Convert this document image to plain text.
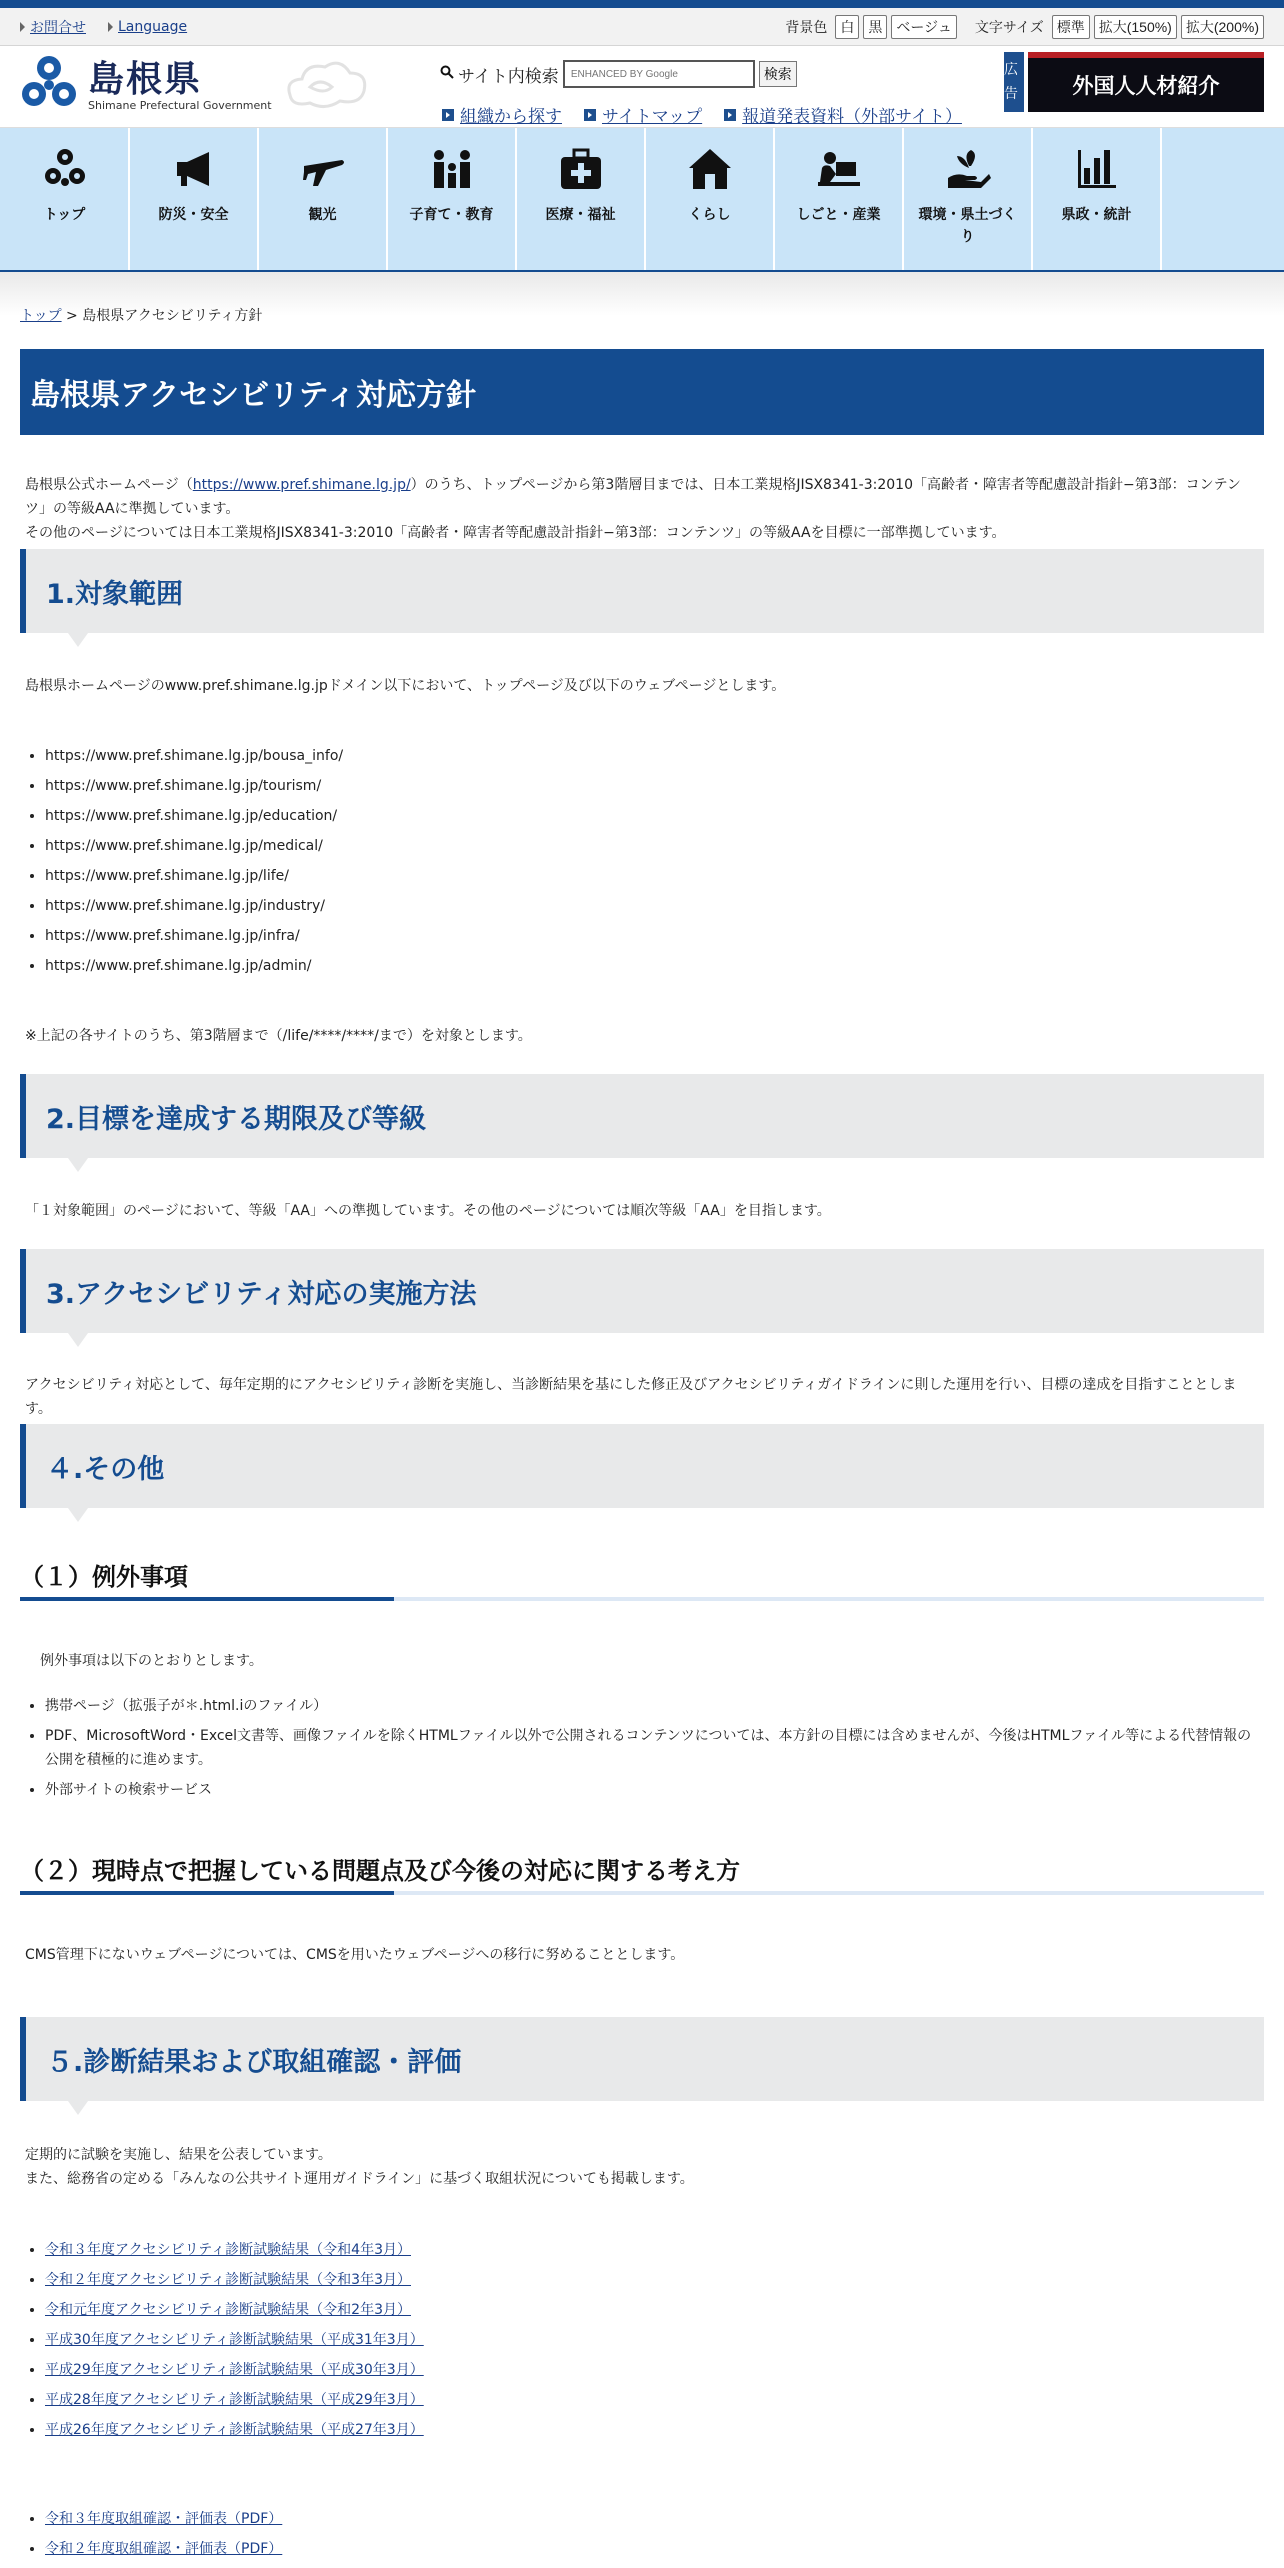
お問合せ Language	背景色 白	黒	ベージュ	文字サイズ 標準	拡大(150%)	拡大(200%)
島根県
Shimane Prefectural Government
サイト内検索
ENHANCED BY Google	検索
組織から探す サイトマップ 報道発表資料（外部サイト）
広告	外国人人材紹介
トップ	防災・安全	観光	子育て・教育	医療・福祉	くらし	しごと・産業	環境・県土づくり
県政・統計
トップ > 島根県アクセシビリティ方針
島根県アクセシビリティ対応方針
島根県公式ホームページ（https://www.pref.shimane.lg.jp/）のうち、トップページから第3階層目までは、日本工業規格JISX8341-3:2010「高齢者・障害者等配慮設計指針−第3部：コンテンツ」の等級AAに準拠しています。
その他のページについては日本工業規格JISX8341-3:2010「高齢者・障害者等配慮設計指針−第3部：コンテンツ」の等級AAを目標に一部準拠しています。
1.対象範囲
島根県ホームページのwww.pref.shimane.lg.jpドメイン以下において、トップページ及び以下のウェブページとします。
• https://www.pref.shimane.lg.jp/bousa_info/
• https://www.pref.shimane.lg.jp/tourism/
• https://www.pref.shimane.lg.jp/education/
• https://www.pref.shimane.lg.jp/medical/
• https://www.pref.shimane.lg.jp/life/
• https://www.pref.shimane.lg.jp/industry/
• https://www.pref.shimane.lg.jp/infra/
• https://www.pref.shimane.lg.jp/admin/
※上記の各サイトのうち、第3階層まで（/life/****/****/まで）を対象とします。
2.目標を達成する期限及び等級
「１対象範囲」のページにおいて、等級「AA」への準拠しています。その他のページについては順次等級「AA」を目指します。
3.アクセシビリティ対応の実施方法
アクセシビリティ対応として、毎年定期的にアクセシビリティ診断を実施し、当診断結果を基にした修正及びアクセシビリティガイドラインに則した運用を行い、目標の達成を目指すこととします。
４.その他
（１）例外事項
例外事項は以下のとおりとします。
• 携帯ページ（拡張子が＊.html.iのファイル）
• PDF、MicrosoftWord・Excel文書等、画像ファイルを除くHTMLファイル以外で公開されるコンテンツについては、本方針の目標には含めませんが、今後はHTMLファイル等による代替情報の公開を積極的に進めます。
• 外部サイトの検索サービス
（２）現時点で把握している問題点及び今後の対応に関する考え方
CMS管理下にないウェブページについては、CMSを用いたウェブページへの移行に努めることとします。
５.診断結果および取組確認・評価
定期的に試験を実施し、結果を公表しています。
また、総務省の定める「みんなの公共サイト運用ガイドライン」に基づく取組状況についても掲載します。
• 令和３年度アクセシビリティ診断試験結果（令和4年3月）
• 令和２年度アクセシビリティ診断試験結果（令和3年3月）
• 令和元年度アクセシビリティ診断試験結果（令和2年3月）
• 平成30年度アクセシビリティ診断試験結果（平成31年3月）
• 平成29年度アクセシビリティ診断試験結果（平成30年3月）
• 平成28年度アクセシビリティ診断試験結果（平成29年3月）
• 平成26年度アクセシビリティ診断試験結果（平成27年3月）
• 令和３年度取組確認・評価表（PDF）
• 令和２年度取組確認・評価表（PDF）
